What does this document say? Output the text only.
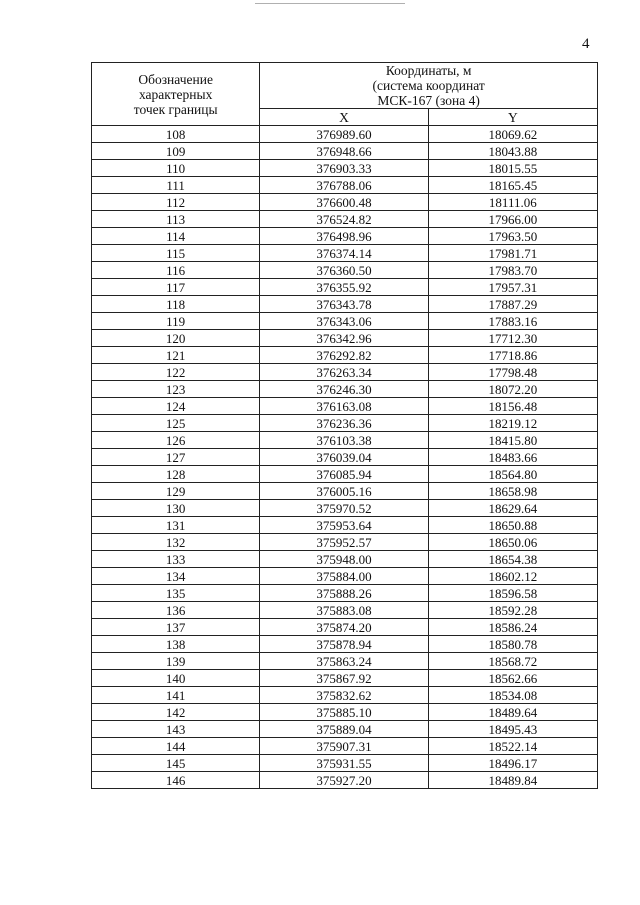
4
Обозначение
характерных
точек границы	Координаты, м
(система координат
МСК-167 (зона 4)	

	X	Y
108	376989.60	18069.62
109	376948.66	18043.88
110	376903.33	18015.55
111	376788.06	18165.45
112	376600.48	18111.06
113	376524.82	17966.00
114	376498.96	17963.50
115	376374.14	17981.71
116	376360.50	17983.70
117	376355.92	17957.31
118	376343.78	17887.29
119	376343.06	17883.16
120	376342.96	17712.30
121	376292.82	17718.86
122	376263.34	17798.48
123	376246.30	18072.20
124	376163.08	18156.48
125	376236.36	18219.12
126	376103.38	18415.80
127	376039.04	18483.66
128	376085.94	18564.80
129	376005.16	18658.98
130	375970.52	18629.64
131	375953.64	18650.88
132	375952.57	18650.06
133	375948.00	18654.38
134	375884.00	18602.12
135	375888.26	18596.58
136	375883.08	18592.28
137	375874.20	18586.24
138	375878.94	18580.78
139	375863.24	18568.72
140	375867.92	18562.66
141	375832.62	18534.08
142	375885.10	18489.64
143	375889.04	18495.43
144	375907.31	18522.14
145	375931.55	18496.17
146	375927.20	18489.84
